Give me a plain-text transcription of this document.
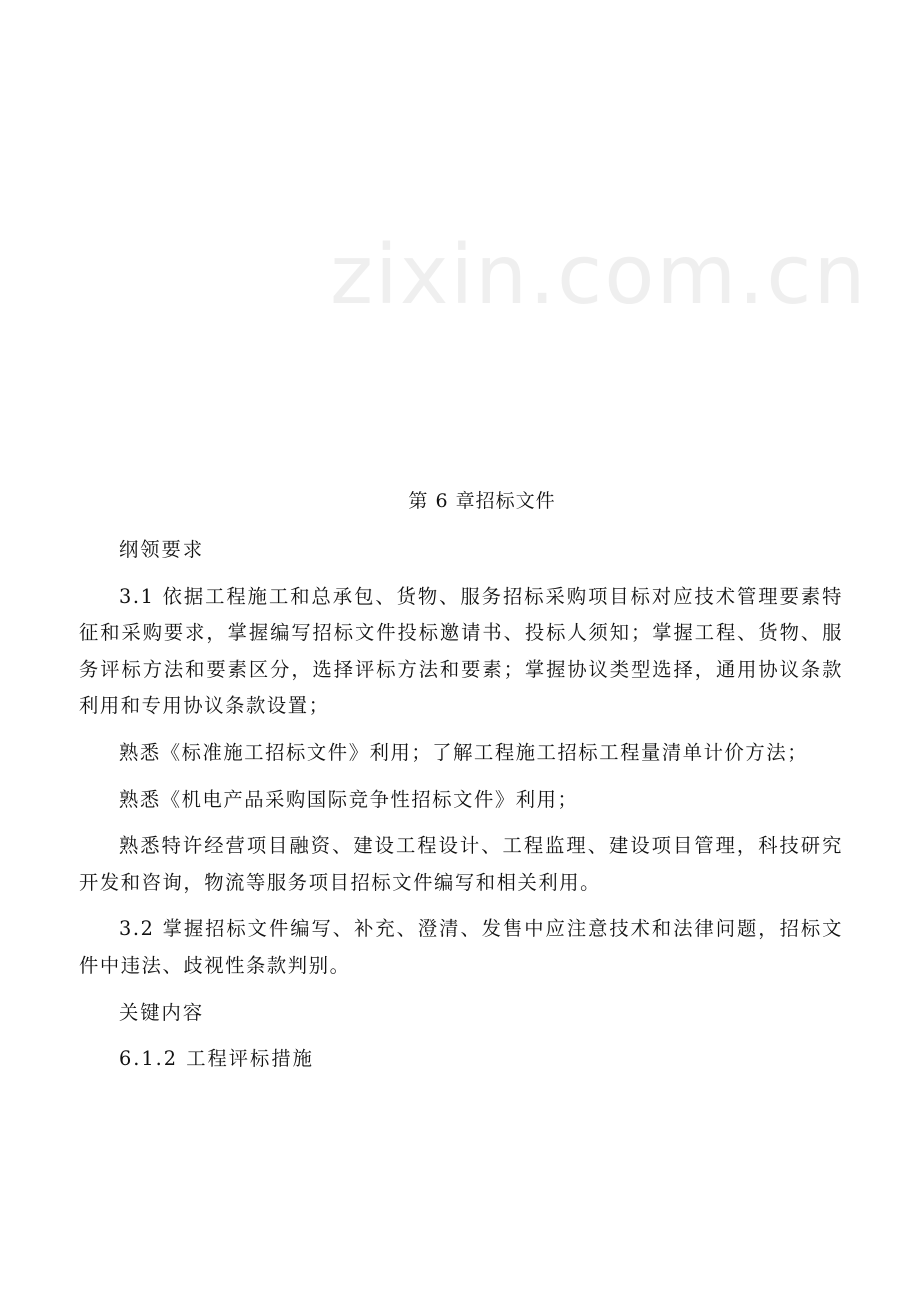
zixin.com.cn
第 6 章招标文件

纲领要求

3.1 依据工程施工和总承包、货物、服务招标采购项目标对应技术管理要素特征和采购要求，掌握编写招标文件投标邀请书、投标人须知；掌握工程、货物、服务评标方法和要素区分，选择评标方法和要素；掌握协议类型选择，通用协议条款利用和专用协议条款设置；

熟悉《标准施工招标文件》利用；了解工程施工招标工程量清单计价方法；

熟悉《机电产品采购国际竞争性招标文件》利用；

熟悉特许经营项目融资、建设工程设计、工程监理、建设项目管理，科技研究开发和咨询，物流等服务项目招标文件编写和相关利用。

3.2 掌握招标文件编写、补充、澄清、发售中应注意技术和法律问题，招标文件中违法、歧视性条款判别。

关键内容

6.1.2 工程评标措施
